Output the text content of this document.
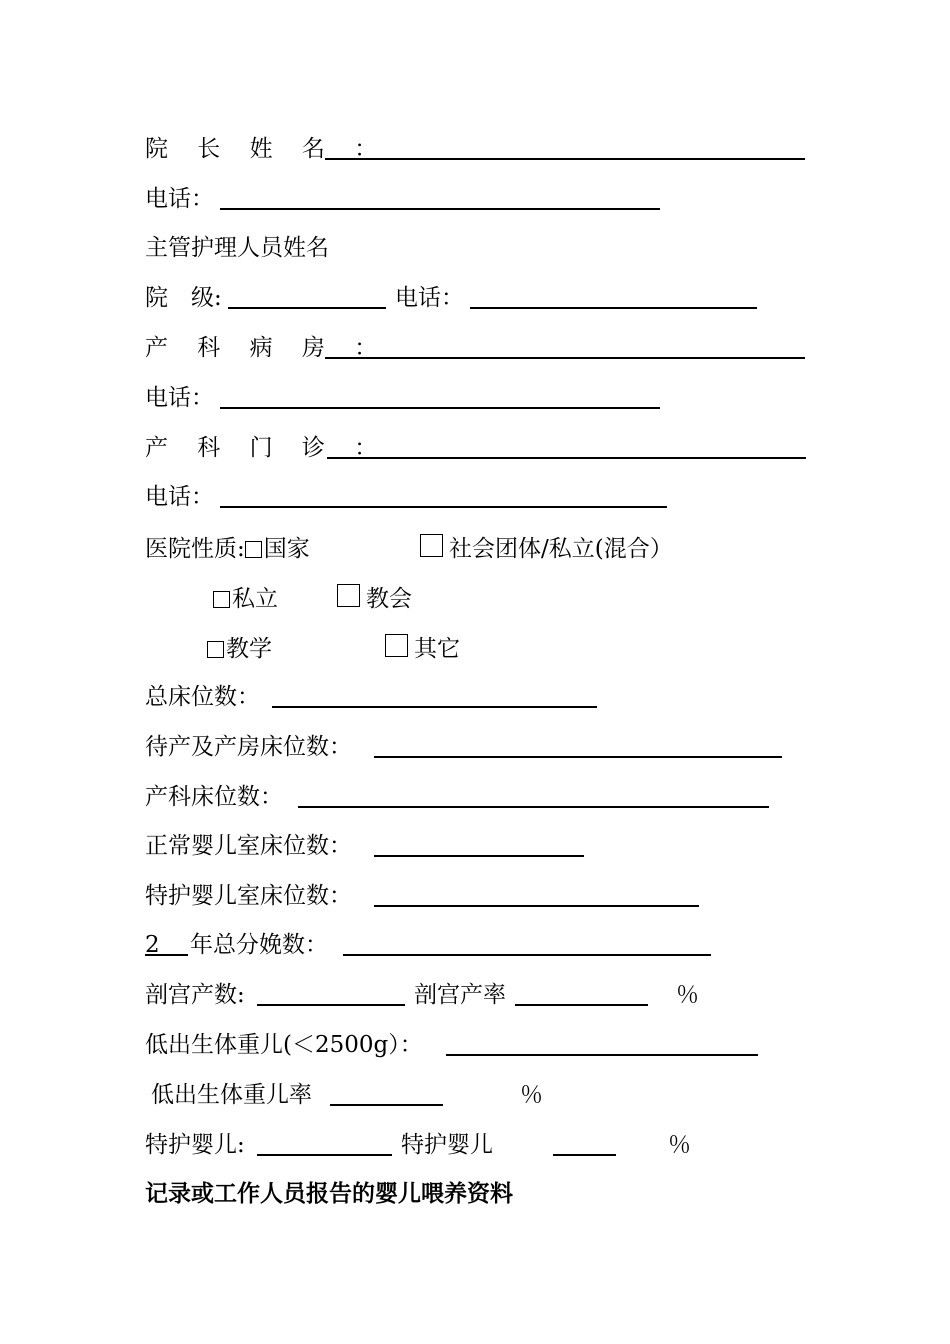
院 长 姓 名 ：
电话：
主管护理人员姓名
院　级:	电话：
产 科 病 房 ：
电话：
产 科 门 诊 ：
电话：
医院性质: 国家	社会团体/私立(混合）
私立	教会
教学	其它
总床位数：
待产及产房床位数：
产科床位数：
正常婴儿室床位数：
特护婴儿室床位数：
2 年总分娩数：
剖宫产数:	剖宫产率	％
低出生体重儿(＜2500g）：
低出生体重儿率	％
特护婴儿:	特护婴儿	％
记录或工作人员报告的婴儿喂养资料
